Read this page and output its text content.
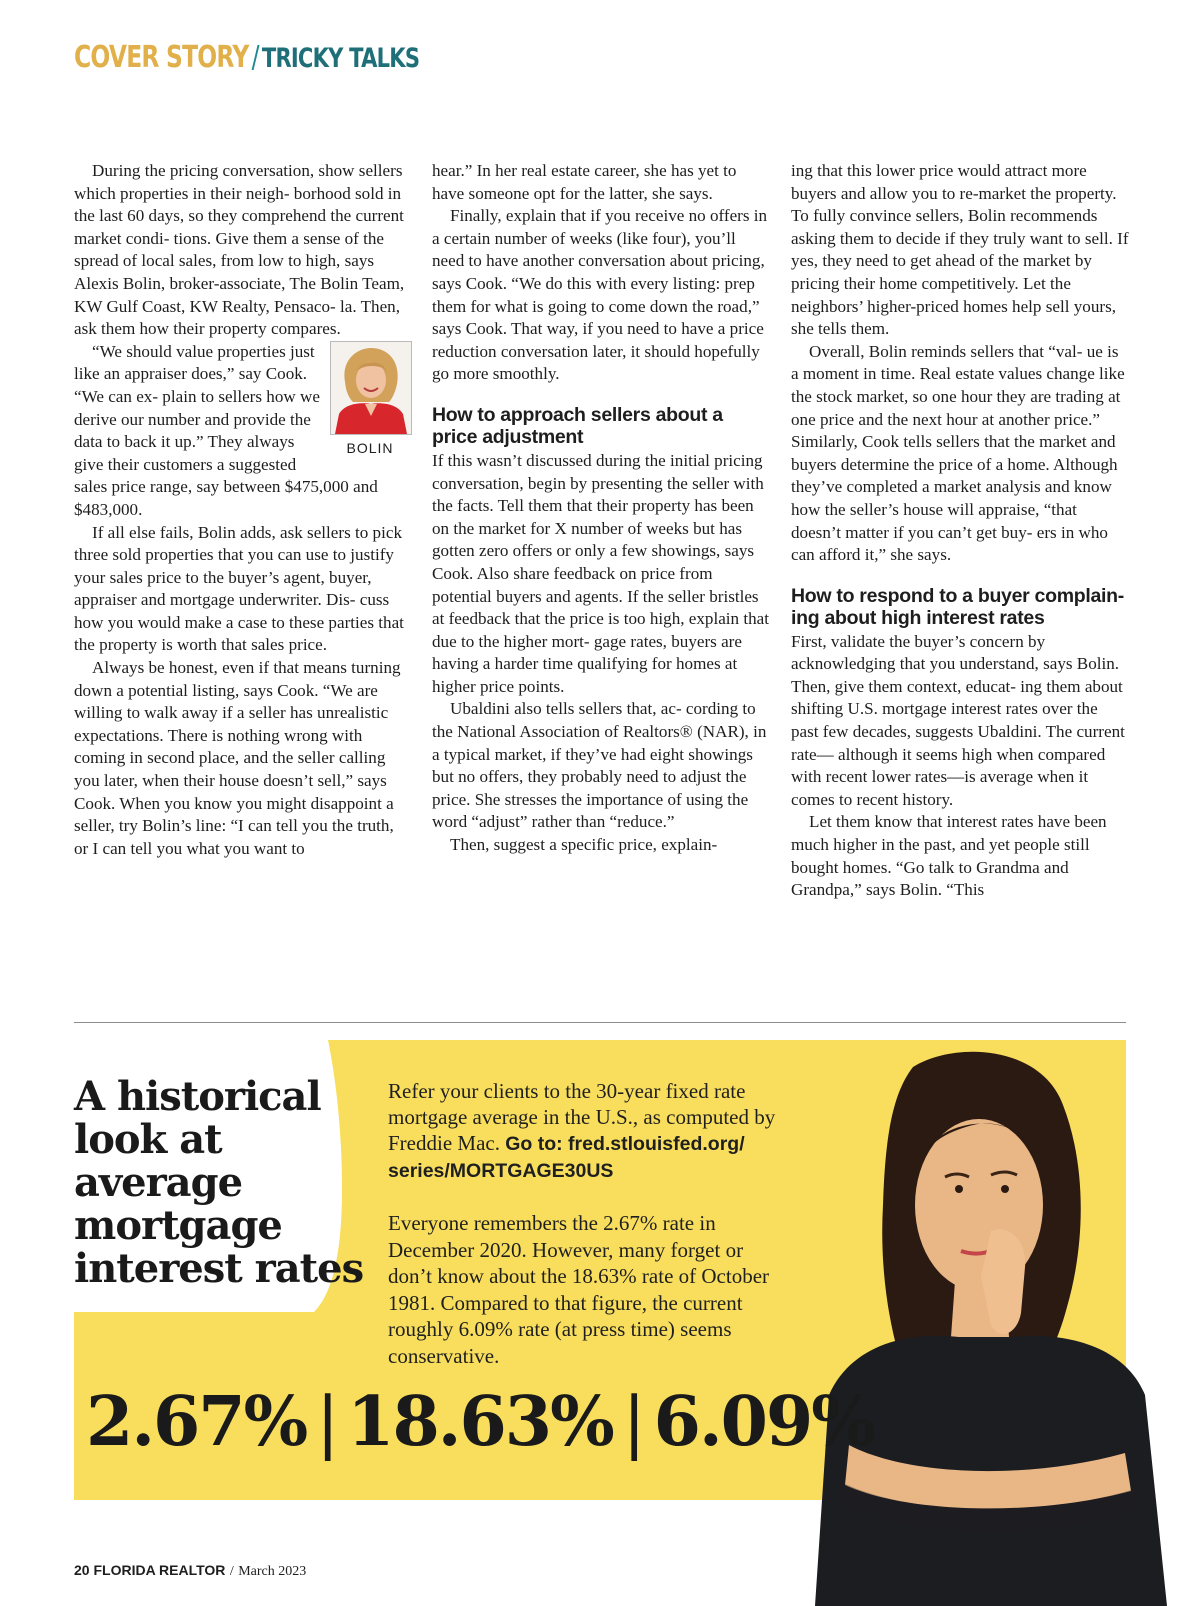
COVER STORY / TRICKY TALKS

During the pricing conversation, show sellers which properties in their neigh- borhood sold in the last 60 days, so they comprehend the current market condi- tions. Give them a sense of the spread of local sales, from low to high, says Alexis Bolin, broker-associate, The Bolin Team, KW Gulf Coast, KW Realty, Pensaco- la. Then, ask them how their property compares.

BOLIN

“We should value properties just like an appraiser does,” say Cook. “We can ex- plain to sellers how we derive our number and provide the data to back it up.” They always give their customers a suggested sales price range, say between $475,000 and $483,000.

If all else fails, Bolin adds, ask sellers to pick three sold properties that you can use to justify your sales price to the buyer’s agent, buyer, appraiser and mortgage underwriter. Dis- cuss how you would make a case to these parties that the property is worth that sales price.

Always be honest, even if that means turning down a potential listing, says Cook. “We are willing to walk away if a seller has unrealistic expectations. There is nothing wrong with coming in second place, and the seller calling you later, when their house doesn’t sell,” says Cook. When you know you might disappoint a seller, try Bolin’s line: “I can tell you the truth, or I can tell you what you want to

hear.” In her real estate career, she has yet to have someone opt for the latter, she says.

Finally, explain that if you receive no offers in a certain number of weeks (like four), you’ll need to have another conversation about pricing, says Cook. “We do this with every listing: prep them for what is going to come down the road,” says Cook. That way, if you need to have a price reduction conversation later, it should hopefully go more smoothly.

How to approach sellers about a price adjustment

If this wasn’t discussed during the initial pricing conversation, begin by presenting the seller with the facts. Tell them that their property has been on the market for X number of weeks but has gotten zero offers or only a few showings, says Cook. Also share feedback on price from potential buyers and agents. If the seller bristles at feedback that the price is too high, explain that due to the higher mort- gage rates, buyers are having a harder time qualifying for homes at higher price points.

Ubaldini also tells sellers that, ac- cording to the National Association of Realtors® (NAR), in a typical market, if they’ve had eight showings but no offers, they probably need to adjust the price. She stresses the importance of using the word “adjust” rather than “reduce.”

Then, suggest a specific price, explain-

ing that this lower price would attract more buyers and allow you to re-market the property. To fully convince sellers, Bolin recommends asking them to decide if they truly want to sell. If yes, they need to get ahead of the market by pricing their home competitively. Let the neighbors’ higher-priced homes help sell yours, she tells them.

Overall, Bolin reminds sellers that “val- ue is a moment in time. Real estate values change like the stock market, so one hour they are trading at one price and the next hour at another price.” Similarly, Cook tells sellers that the market and buyers determine the price of a home. Although they’ve completed a market analysis and know how the seller’s house will appraise, “that doesn’t matter if you can’t get buy- ers in who can afford it,” she says.

How to respond to a buyer complain- ing about high interest rates

First, validate the buyer’s concern by acknowledging that you understand, says Bolin. Then, give them context, educat- ing them about shifting U.S. mortgage interest rates over the past few decades, suggests Ubaldini. The current rate— although it seems high when compared with recent lower rates—is average when it comes to recent history.

Let them know that interest rates have been much higher in the past, and yet people still bought homes. “Go talk to Grandma and Grandpa,” says Bolin. “This

A historical look at average mortgage interest rates
Refer your clients to the 30-year fixed rate mortgage average in the U.S., as computed by Freddie Mac. Go to: fred.stlouisfed.org/ series/MORTGAGE30US
Everyone remembers the 2.67% rate in December 2020. However, many forget or don’t know about the 18.63% rate of October 1981. Compared to that figure, the current roughly 6.09% rate (at press time) seems conservative.
2.67% | 18.63% | 6.09%
20 FLORIDA REALTOR / March 2023
